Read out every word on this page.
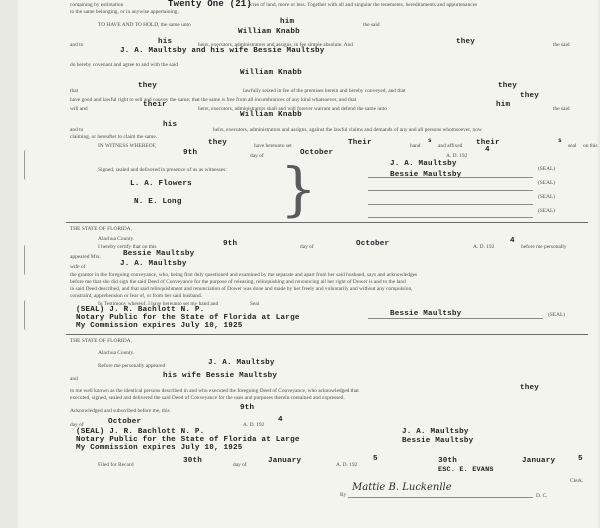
containing by estimation	Twenty One (21)
acres of land, more or less. Together with all and singular the tenements, hereditaments and appurtenances
to the same belonging, or in anywise appertaining.
TO HAVE AND TO HOLD, the same unto	him	the said
William Knabb
and to	his	heirs, executors, administrators and assigns, in fee simple absolute. And	they	the said
J. A. Maultsby and his wife Bessie Maultsby
do hereby covenant and agree to and with the said
William Knabb
that
they
lawfully seized in fee of the premises herein and hereby conveyed, and that
they
have good and lawful right to sell and convey the same; that the same is free from all incumbrances of any kind whatsoever, and that	they
will and	their	heirs, executors, administrators shall and will forever warrant and defend the same unto	him	the said
William Knabb
and to
his
heirs, executors, administrators and assigns, against the lawful claims and demands of any and all persons whomsoever, now
claiming, or hereafter to claim the same.
IN WITNESS WHEREOF,	they	have hereunto set	Their	hand
s
and affixed their	s
seal on this
9th	day of	October	A. D. 192
4
Signed, sealed and delivered in presence of us as witnesses:
J. A. Maultsby
(SEAL)
Bessie Maultsby
(SEAL)
L. A. Flowers
(SEAL)
N. E. Long
(SEAL)
}
THE STATE OF FLORIDA,
Alachua County.
I hereby certify that on this	9th	day of	October	A. D. 192
4
before me personally
appeared Mrs.	Bessie Maultsby
wife of	J. A. Maultsby
the grantor in the foregoing conveyance, who, being first duly questioned and examined by me separate and apart from her said husband, says and acknowledges
before me that she did sign the said Deed of Conveyance for the purpose of releasing, relinquishing and renouncing all her right of Dower is and to the land
in said Deed described, and that said relinquishment and renunciation of Dower was done and made by her freely and voluntarily and without any compulsion,
constraint, apprehension or fear of, or from her said husband.
In Testimony whereof, I have hereunto set my hand and	Seal
(SEAL) J. R. Bachlott N. P.
Notary Public for the State of Florida at Large
My Commission expires July 10, 1925
Bessie Maultsby	(SEAL)
THE STATE OF FLORIDA,
Alachua County.
Before me personally appeared	J. A. Maultsby
and	his wife Bessie Maultsby
to me well known as the identical persons described in and who executed the foregoing Deed of Conveyance, who acknowledged that	they
executed, signed, sealed and delivered the said Deed of Conveyance for the uses and purposes therein contained and expressed.
Acknowledged and subscribed before me, this	9th
day of	October	A. D. 192
4
(SEAL) J. R. Bachlott N. P.
Notary Public for the State of Florida at Large
My Commission expires July 10, 1925
J. A. Maultsby
Bessie Maultsby
Filed for Record	30th	day of	January	A. D. 192
5	30th	January	5
ESC. E. EVANS
Clerk.
By
Mattie B. Luckenlle
D. C.
